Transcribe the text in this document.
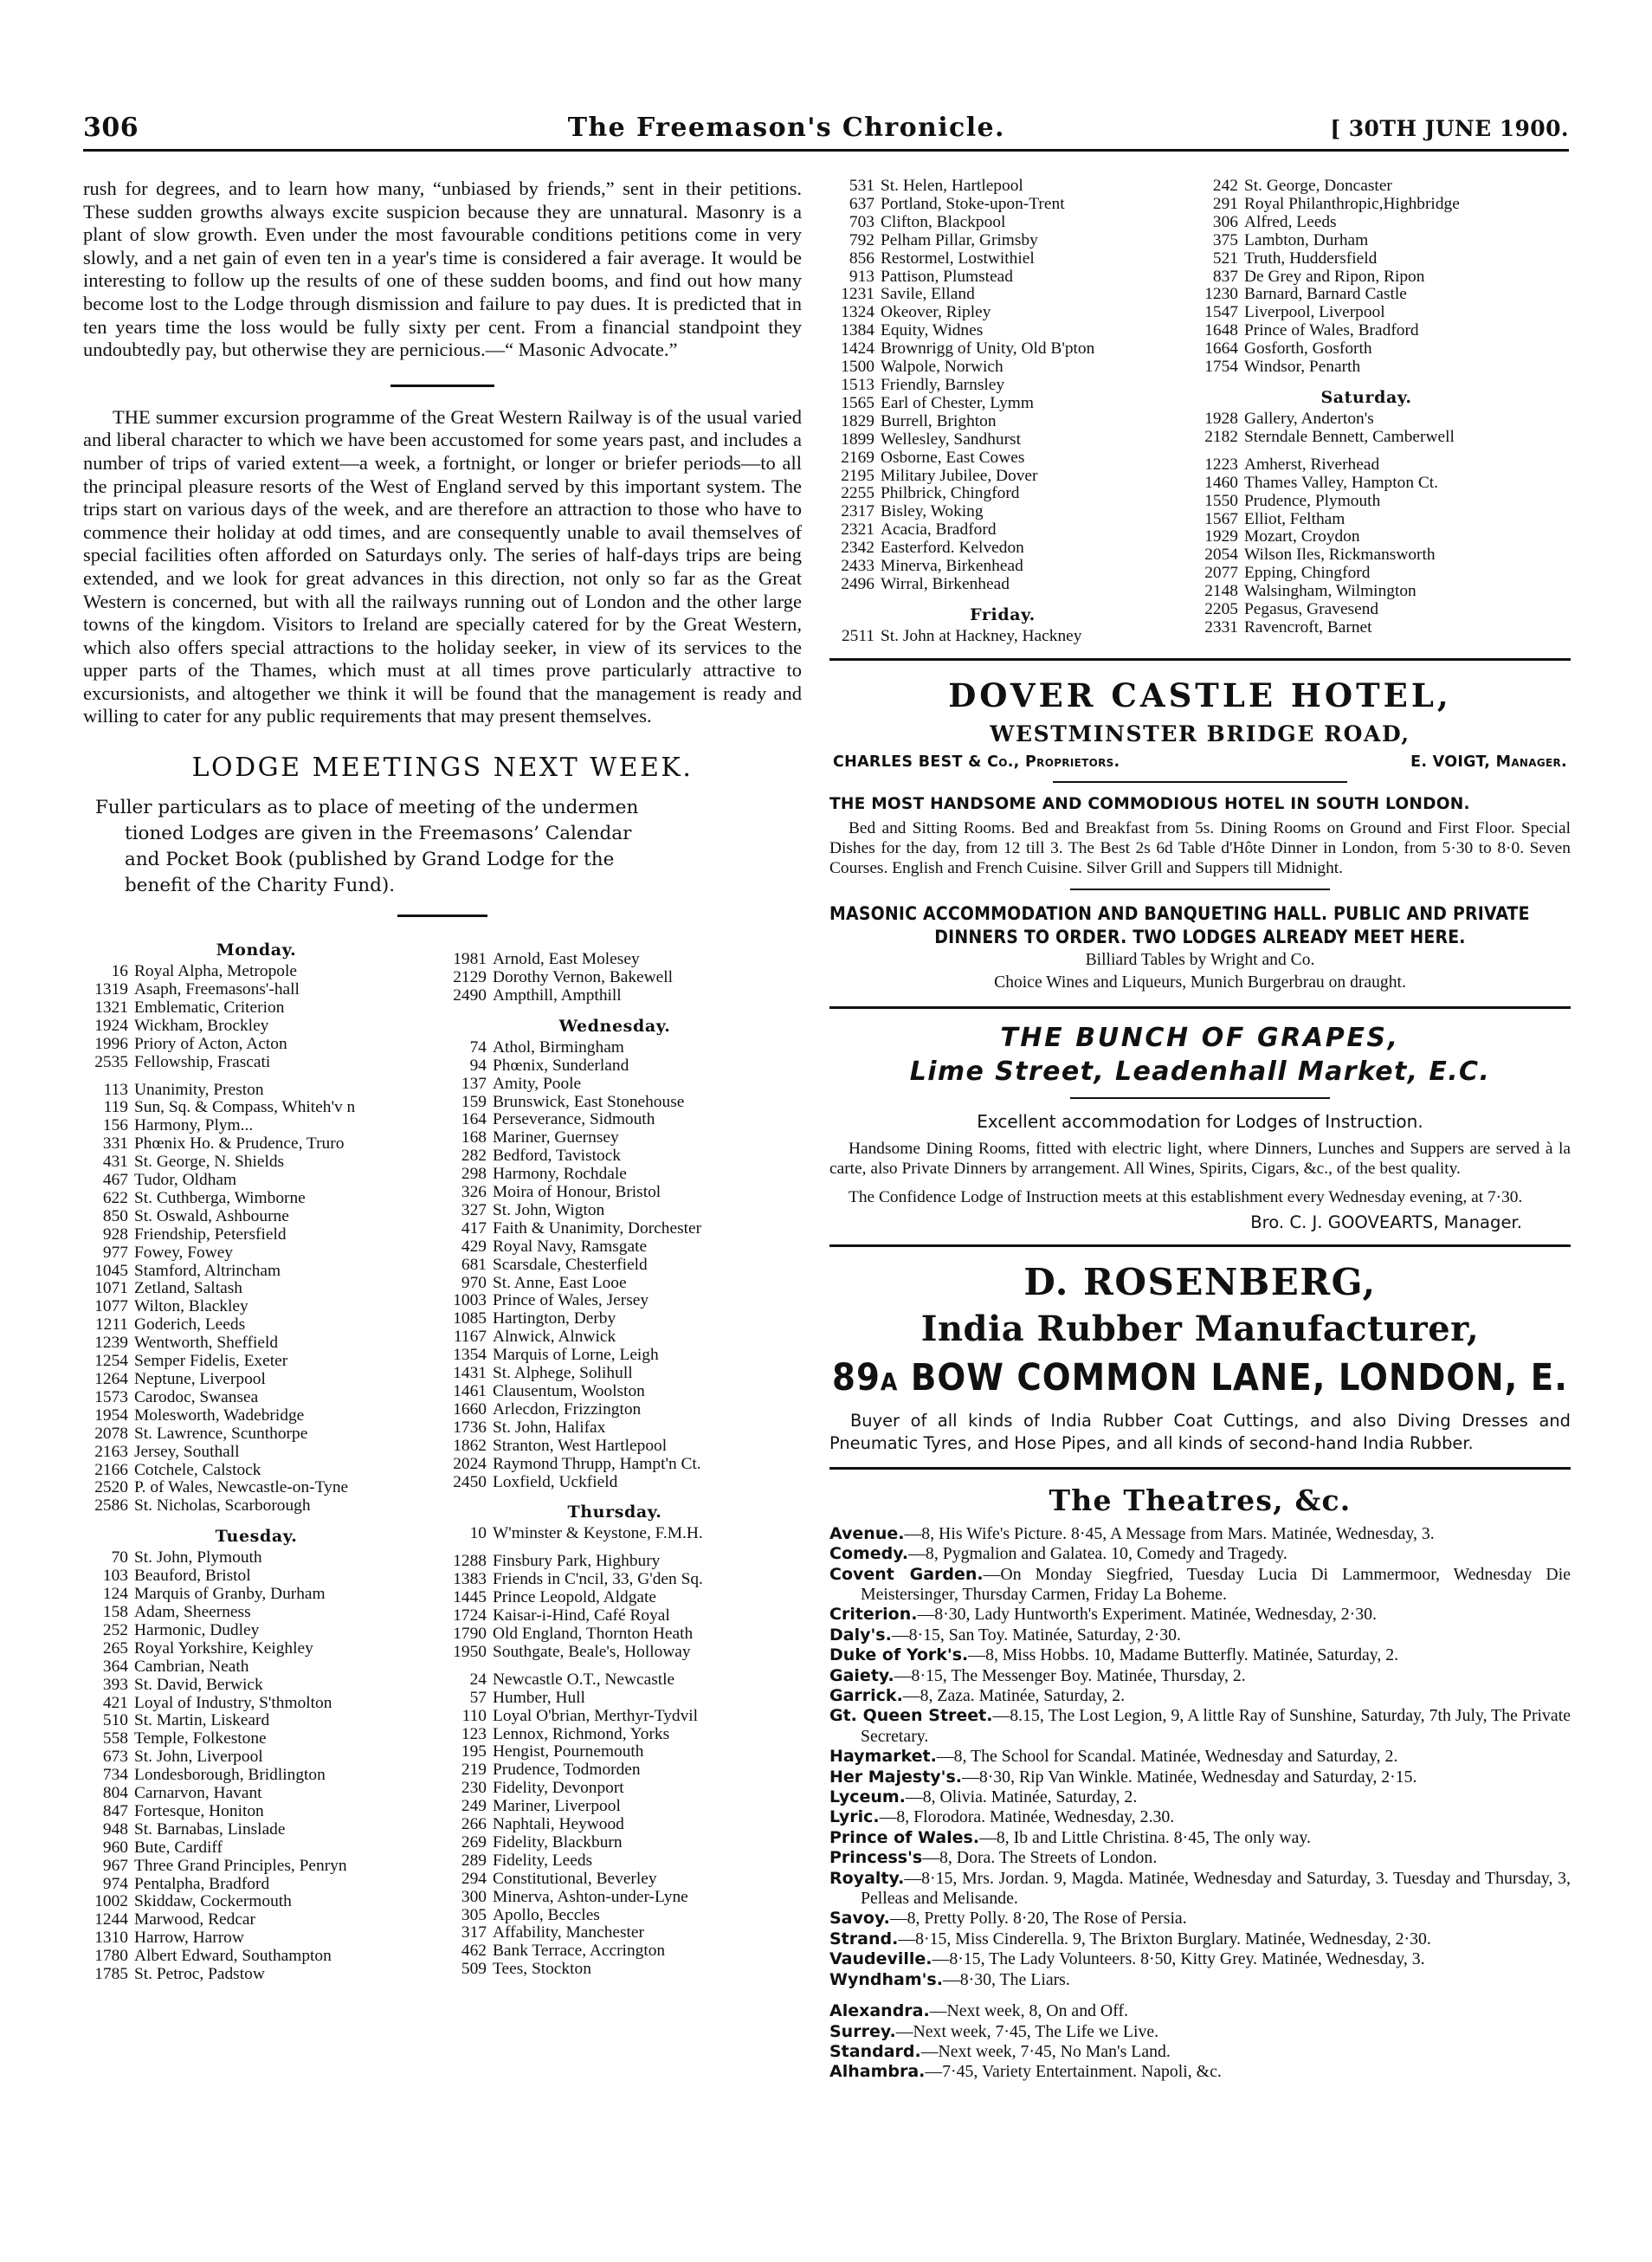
306	The Freemason's Chronicle.	[ 30TH JUNE 1900.

rush for degrees, and to learn how many, “unbiased by friends,” sent in their petitions. These sudden growths always excite suspicion because they are unnatural. Masonry is a plant of slow growth. Even under the most favourable conditions petitions come in very slowly, and a net gain of even ten in a year's time is considered a fair average. It would be interesting to follow up the results of one of these sudden booms, and find out how many become lost to the Lodge through dismission and failure to pay dues. It is predicted that in ten years time the loss would be fully sixty per cent. From a financial standpoint they undoubtedly pay, but otherwise they are pernicious.—“ Masonic Advocate.”

THE summer excursion programme of the Great Western Railway is of the usual varied and liberal character to which we have been accustomed for some years past, and includes a number of trips of varied extent—a week, a fortnight, or longer or briefer periods—to all the principal pleasure resorts of the West of England served by this important system. The trips start on various days of the week, and are therefore an attraction to those who have to commence their holiday at odd times, and are consequently unable to avail themselves of special facilities often afforded on Saturdays only. The series of half-days trips are being extended, and we look for great advances in this direction, not only so far as the Great Western is concerned, but with all the railways running out of London and the other large towns of the kingdom. Visitors to Ireland are specially catered for by the Great Western, which also offers special attractions to the holiday seeker, in view of its services to the upper parts of the Thames, which must at all times prove particularly attractive to excursionists, and altogether we think it will be found that the management is ready and willing to cater for any public requirements that may present themselves.

LODGE MEETINGS NEXT WEEK.
Fuller particulars as to place of meeting of the undermen
tioned Lodges are given in the Freemasons’ Calendar
and Pocket Book (published by Grand Lodge for the
benefit of the Charity Fund).
Monday.
16 Royal Alpha, Metropole
1319 Asaph, Freemasons'-hall
1321 Emblematic, Criterion
1924 Wickham, Brockley
1996 Priory of Acton, Acton
2535 Fellowship, Frascati
113 Unanimity, Preston
119 Sun, Sq. & Compass, Whiteh'v n
156 Harmony, Plym...
331 Phœnix Ho. & Prudence, Truro
431 St. George, N. Shields
467 Tudor, Oldham
622 St. Cuthberga, Wimborne
850 St. Oswald, Ashbourne
928 Friendship, Petersfield
977 Fowey, Fowey
1045 Stamford, Altrincham
1071 Zetland, Saltash
1077 Wilton, Blackley
1211 Goderich, Leeds
1239 Wentworth, Sheffield
1254 Semper Fidelis, Exeter
1264 Neptune, Liverpool
1573 Carodoc, Swansea
1954 Molesworth, Wadebridge
2078 St. Lawrence, Scunthorpe
2163 Jersey, Southall
2166 Cotchele, Calstock
2520 P. of Wales, Newcastle-on-Tyne
2586 St. Nicholas, Scarborough
Tuesday.
70 St. John, Plymouth
103 Beauford, Bristol
124 Marquis of Granby, Durham
158 Adam, Sheerness
252 Harmonic, Dudley
265 Royal Yorkshire, Keighley
364 Cambrian, Neath
393 St. David, Berwick
421 Loyal of Industry, S'thmolton
510 St. Martin, Liskeard
558 Temple, Folkestone
673 St. John, Liverpool
734 Londesborough, Bridlington
804 Carnarvon, Havant
847 Fortesque, Honiton
948 St. Barnabas, Linslade
960 Bute, Cardiff
967 Three Grand Principles, Penryn
974 Pentalpha, Bradford
1002 Skiddaw, Cockermouth
1244 Marwood, Redcar
1310 Harrow, Harrow
1780 Albert Edward, Southampton
1785 St. Petroc, Padstow
1981 Arnold, East Molesey
2129 Dorothy Vernon, Bakewell
2490 Ampthill, Ampthill
Wednesday.
74 Athol, Birmingham
94 Phœnix, Sunderland
137 Amity, Poole
159 Brunswick, East Stonehouse
164 Perseverance, Sidmouth
168 Mariner, Guernsey
282 Bedford, Tavistock
298 Harmony, Rochdale
326 Moira of Honour, Bristol
327 St. John, Wigton
417 Faith & Unanimity, Dorchester
429 Royal Navy, Ramsgate
681 Scarsdale, Chesterfield
970 St. Anne, East Looe
1003 Prince of Wales, Jersey
1085 Hartington, Derby
1167 Alnwick, Alnwick
1354 Marquis of Lorne, Leigh
1431 St. Alphege, Solihull
1461 Clausentum, Woolston
1660 Arlecdon, Frizzington
1736 St. John, Halifax
1862 Stranton, West Hartlepool
2024 Raymond Thrupp, Hampt'n Ct.
2450 Loxfield, Uckfield
Thursday.
10 W'minster & Keystone, F.M.H.
1288 Finsbury Park, Highbury
1383 Friends in C'ncil, 33, G'den Sq.
1445 Prince Leopold, Aldgate
1724 Kaisar-i-Hind, Café Royal
1790 Old England, Thornton Heath
1950 Southgate, Beale's, Holloway
24 Newcastle O.T., Newcastle
57 Humber, Hull
110 Loyal O'brian, Merthyr-Tydvil
123 Lennox, Richmond, Yorks
195 Hengist, Pournemouth
219 Prudence, Todmorden
230 Fidelity, Devonport
249 Mariner, Liverpool
266 Naphtali, Heywood
269 Fidelity, Blackburn
289 Fidelity, Leeds
294 Constitutional, Beverley
300 Minerva, Ashton-under-Lyne
305 Apollo, Beccles
317 Affability, Manchester
462 Bank Terrace, Accrington
509 Tees, Stockton
531 St. Helen, Hartlepool
637 Portland, Stoke-upon-Trent
703 Clifton, Blackpool
792 Pelham Pillar, Grimsby
856 Restormel, Lostwithiel
913 Pattison, Plumstead
1231 Savile, Elland
1324 Okeover, Ripley
1384 Equity, Widnes
1424 Brownrigg of Unity, Old B'pton
1500 Walpole, Norwich
1513 Friendly, Barnsley
1565 Earl of Chester, Lymm
1829 Burrell, Brighton
1899 Wellesley, Sandhurst
2169 Osborne, East Cowes
2195 Military Jubilee, Dover
2255 Philbrick, Chingford
2317 Bisley, Woking
2321 Acacia, Bradford
2342 Easterford. Kelvedon
2433 Minerva, Birkenhead
2496 Wirral, Birkenhead
Friday.
2511 St. John at Hackney, Hackney
242 St. George, Doncaster
291 Royal Philanthropic,Highbridge
306 Alfred, Leeds
375 Lambton, Durham
521 Truth, Huddersfield
837 De Grey and Ripon, Ripon
1230 Barnard, Barnard Castle
1547 Liverpool, Liverpool
1648 Prince of Wales, Bradford
1664 Gosforth, Gosforth
1754 Windsor, Penarth
Saturday.
1928 Gallery, Anderton's
2182 Sterndale Bennett, Camberwell
1223 Amherst, Riverhead
1460 Thames Valley, Hampton Ct.
1550 Prudence, Plymouth
1567 Elliot, Feltham
1929 Mozart, Croydon
2054 Wilson Iles, Rickmansworth
2077 Epping, Chingford
2148 Walsingham, Wilmington
2205 Pegasus, Gravesend
2331 Ravencroft, Barnet
DOVER CASTLE HOTEL,
WESTMINSTER BRIDGE ROAD,
CHARLES BEST & Co., Proprietors.	E. VOIGT, Manager.
THE MOST HANDSOME AND COMMODIOUS HOTEL IN SOUTH LONDON.
Bed and Sitting Rooms. Bed and Breakfast from 5s. Dining Rooms on Ground and First Floor. Special Dishes for the day, from 12 till 3. The Best 2s 6d Table d'Hôte Dinner in London, from 5·30 to 8·0. Seven Courses. English and French Cuisine. Silver Grill and Suppers till Midnight.
MASONIC ACCOMMODATION AND BANQUETING HALL. PUBLIC AND PRIVATE
DINNERS TO ORDER. TWO LODGES ALREADY MEET HERE.
Billiard Tables by Wright and Co.
Choice Wines and Liqueurs, Munich Burgerbrau on draught.
THE BUNCH OF GRAPES,
Lime Street, Leadenhall Market, E.C.
Excellent accommodation for Lodges of Instruction.
Handsome Dining Rooms, fitted with electric light, where Dinners, Lunches and Suppers are served à la carte, also Private Dinners by arrangement. All Wines, Spirits, Cigars, &c., of the best quality.
The Confidence Lodge of Instruction meets at this establishment every Wednesday evening, at 7·30.
Bro. C. J. GOOVEARTS, Manager.
D. ROSENBERG,
India Rubber Manufacturer,
89A BOW COMMON LANE, LONDON, E.
Buyer of all kinds of India Rubber Coat Cuttings, and also Diving Dresses and Pneumatic Tyres, and Hose Pipes, and all kinds of second-hand India Rubber.
The Theatres, &c.
Avenue.—8, His Wife's Picture. 8·45, A Message from Mars. Matinée, Wednesday, 3.
Comedy.—8, Pygmalion and Galatea. 10, Comedy and Tragedy.
Covent Garden.—On Monday Siegfried, Tuesday Lucia Di Lammermoor, Wednesday Die Meistersinger, Thursday Carmen, Friday La Boheme.
Criterion.—8·30, Lady Huntworth's Experiment. Matinée, Wednesday, 2·30.
Daly's.—8·15, San Toy. Matinée, Saturday, 2·30.
Duke of York's.—8, Miss Hobbs. 10, Madame Butterfly. Matinée, Saturday, 2.
Gaiety.—8·15, The Messenger Boy. Matinée, Thursday, 2.
Garrick.—8, Zaza. Matinée, Saturday, 2.
Gt. Queen Street.—8.15, The Lost Legion, 9, A little Ray of Sunshine, Saturday, 7th July, The Private Secretary.
Haymarket.—8, The School for Scandal. Matinée, Wednesday and Saturday, 2.
Her Majesty's.—8·30, Rip Van Winkle. Matinée, Wednesday and Saturday, 2·15.
Lyceum.—8, Olivia. Matinée, Saturday, 2.
Lyric.—8, Florodora. Matinée, Wednesday, 2.30.
Prince of Wales.—8, Ib and Little Christina. 8·45, The only way.
Princess's—8, Dora. The Streets of London.
Royalty.—8·15, Mrs. Jordan. 9, Magda. Matinée, Wednesday and Saturday, 3. Tuesday and Thursday, 3, Pelleas and Melisande.
Savoy.—8, Pretty Polly. 8·20, The Rose of Persia.
Strand.—8·15, Miss Cinderella. 9, The Brixton Burglary. Matinée, Wednesday, 2·30.
Vaudeville.—8·15, The Lady Volunteers. 8·50, Kitty Grey. Matinée, Wednesday, 3.
Wyndham's.—8·30, The Liars.
Alexandra.—Next week, 8, On and Off.
Surrey.—Next week, 7·45, The Life we Live.
Standard.—Next week, 7·45, No Man's Land.
Alhambra.—7·45, Variety Entertainment. Napoli, &c.
